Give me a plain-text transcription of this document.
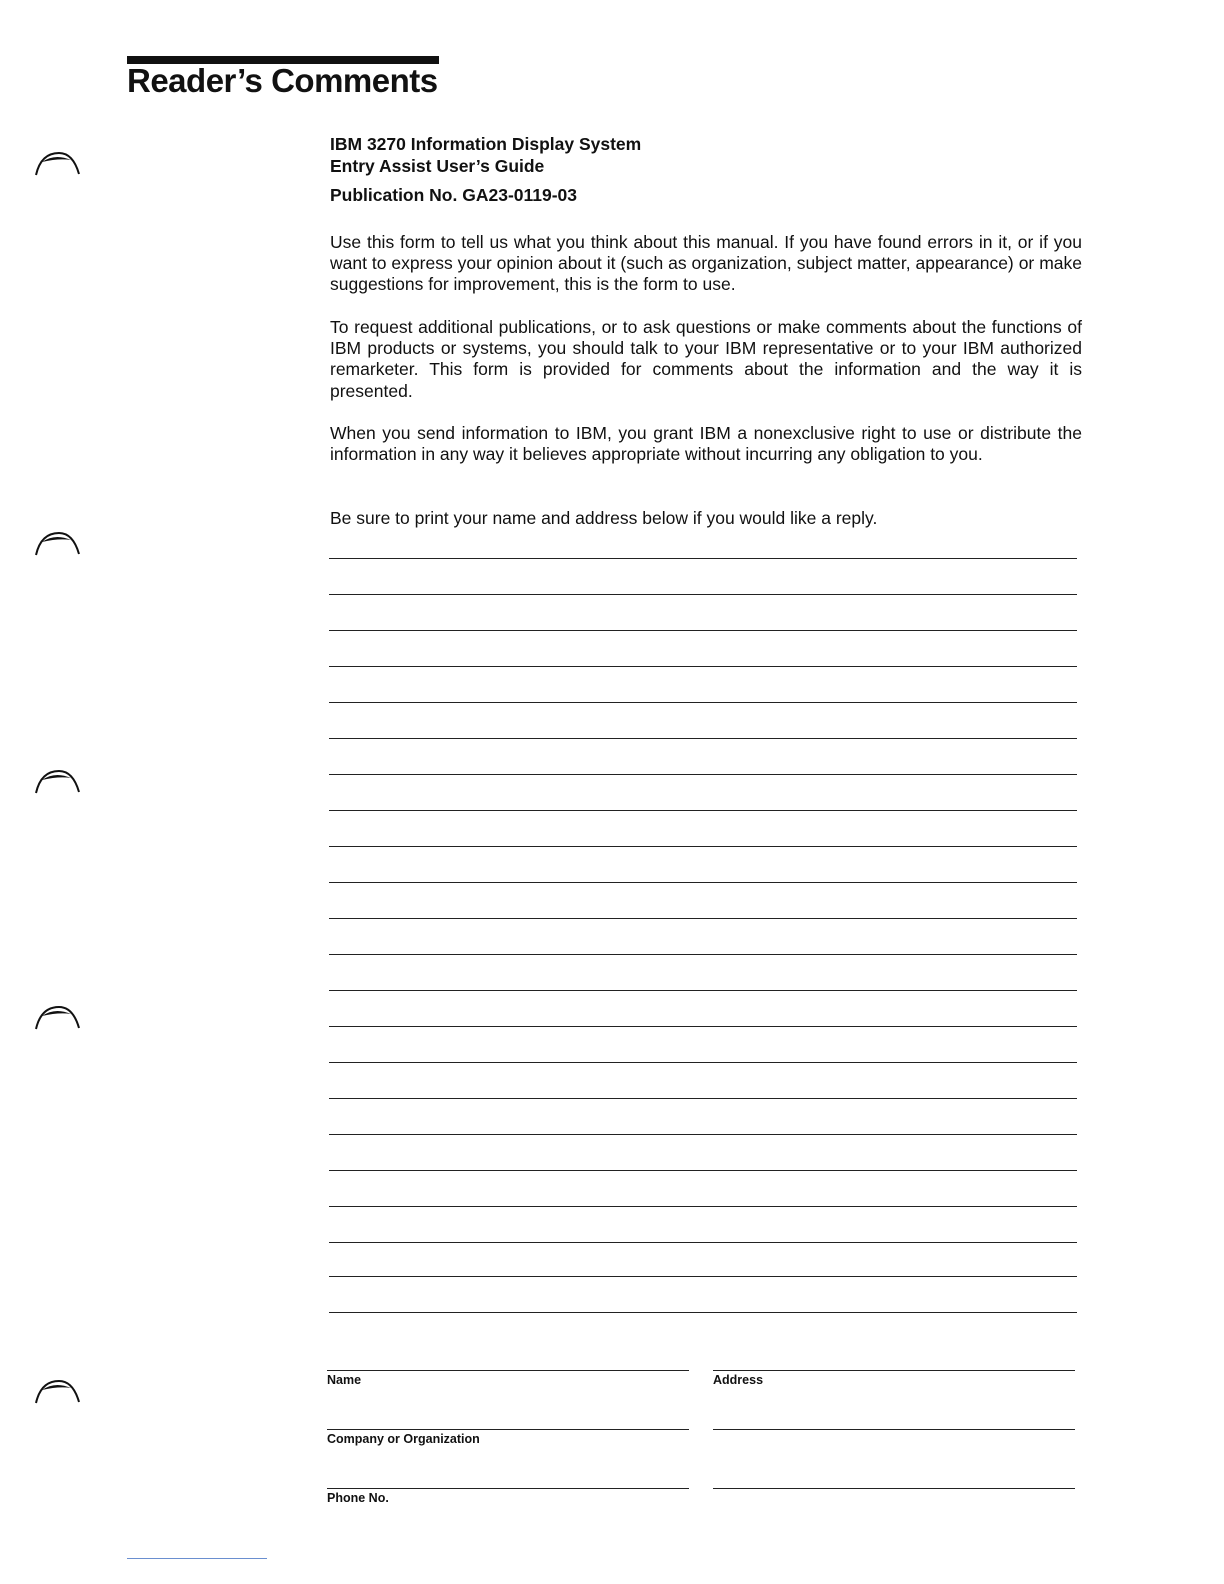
Reader’s Comments
IBM 3270 Information Display System
Entry Assist User’s Guide
Publication No. GA23-0119-03

Use this form to tell us what you think about this manual. If you have found errors in it, or if you want to express your opinion about it (such as organization, subject matter, appearance) or make suggestions for improvement, this is the form to use.

To request additional publications, or to ask questions or make comments about the functions of IBM products or systems, you should talk to your IBM representative or to your IBM authorized remarketer. This form is provided for comments about the information and the way it is presented.

When you send information to IBM, you grant IBM a nonexclusive right to use or distribute the information in any way it believes appropriate without incurring any obligation to you.

Be sure to print your name and address below if you would like a reply.

Name	Address
Company or Organization
Phone No.
